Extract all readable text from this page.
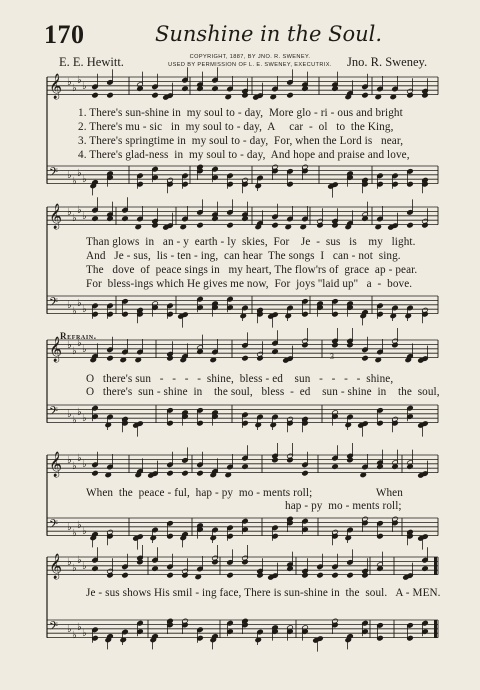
170	Sunshine in the Soul.
E. E. Hewitt.	COPYRIGHT, 1887, BY JNO. R. SWENEY.
USED BY PERMISSION OF L. E. SWENEY, EXECUTRIX.	Jno. R. Sweney.
𝄞 ♭
♭
♭
♭
𝄢 ♭
♭
♭
♭
𝄞 ♭
♭
♭
♭
𝄢 ♭
♭
♭
♭
𝄞 ♭
♭
♭
♭
𝄢 ♭
♭
♭
♭
𝄞 ♭
♭
♭
♭
𝄢 ♭
♭
♭
♭
𝄞 ♭
♭
♭
♭
𝄢 ♭
♭
♭
♭
1. There's sun-shine in  my soul to - day,  More glo - ri - ous and bright
2. There's mu - sic   in  my soul to - day,  A     car  -  ol   to  the King,
3. There's springtime in  my soul to - day,  For, when the Lord is   near,
4. There's glad-ness  in  my soul to - day,  And hope and praise and love,
Than glows  in   an - y  earth - ly  skies,  For    Je  -  sus   is    my   light.
And   Je - sus,  lis - ten - ing,  can hear  The songs  I   can - not  sing.
The   dove  of  peace sings in   my heart, The flow'rs of  grace  ap - pear.
For  bless-ings which He gives me now,  For  joys ''laid up''   a  -  bove.
Refrain.
O   there's sun   -   -   -   -  shine,  bless - ed    sun   -   -   -   -  shine,
O   there's  sun - shine  in    the soul,   bless  -  ed    sun - shine  in    the  soul,
3
When  the  peace - ful,  hap - py  mo - ments roll;                      When
hap - py  mo - ments roll;
Je - sus shows His smil - ing face, There is sun-shine in  the  soul.   A - MEN.
